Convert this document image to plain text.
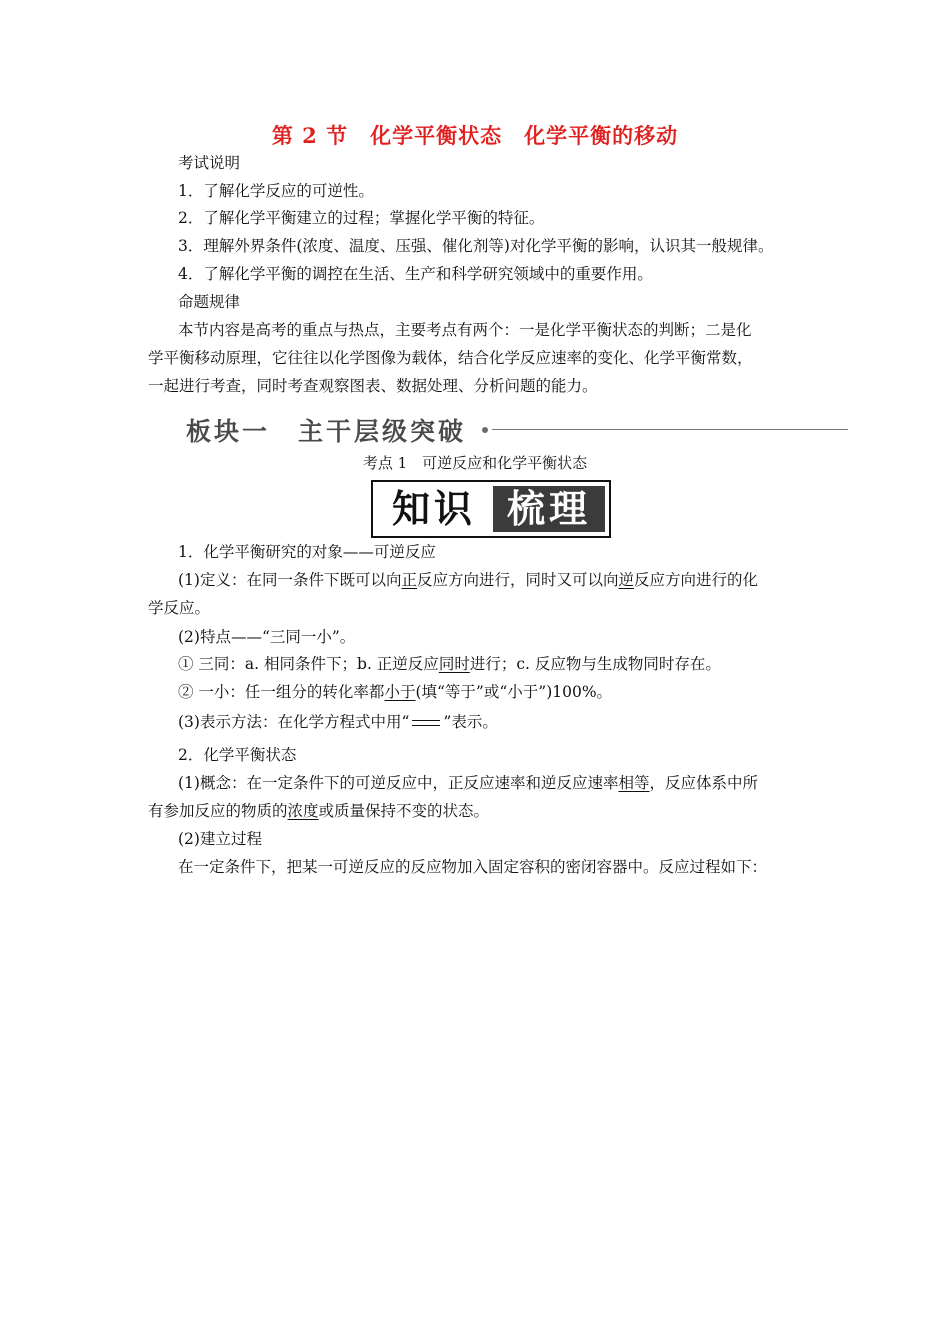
第 2 节　化学平衡状态　化学平衡的移动
考试说明
1．了解化学反应的可逆性。
2．了解化学平衡建立的过程；掌握化学平衡的特征。
3．理解外界条件(浓度、温度、压强、催化剂等)对化学平衡的影响，认识其一般规律。
4．了解化学平衡的调控在生活、生产和科学研究领域中的重要作用。
命题规律
本节内容是高考的重点与热点，主要考点有两个：一是化学平衡状态的判断；二是化
学平衡移动原理，它往往以化学图像为载体，结合化学反应速率的变化、化学平衡常数，
一起进行考查，同时考查观察图表、数据处理、分析问题的能力。
板块一　主干层级突破
考点 1　可逆反应和化学平衡状态
知识 梳理
1．化学平衡研究的对象——可逆反应
(1)定义：在同一条件下既可以向正反应方向进行，同时又可以向逆反应方向进行的化
学反应。
(2)特点——“三同一小”。
① 三同：a. 相同条件下；b. 正逆反应同时进行；c. 反应物与生成物同时存在。
② 一小：任一组分的转化率都小于(填“等于”或“小于”)100%。
(3)表示方法：在化学方程式中用“ ”表示。
2．化学平衡状态
(1)概念：在一定条件下的可逆反应中，正反应速率和逆反应速率相等，反应体系中所
有参加反应的物质的浓度或质量保持不变的状态。
(2)建立过程
在一定条件下，把某一可逆反应的反应物加入固定容积的密闭容器中。反应过程如下：
